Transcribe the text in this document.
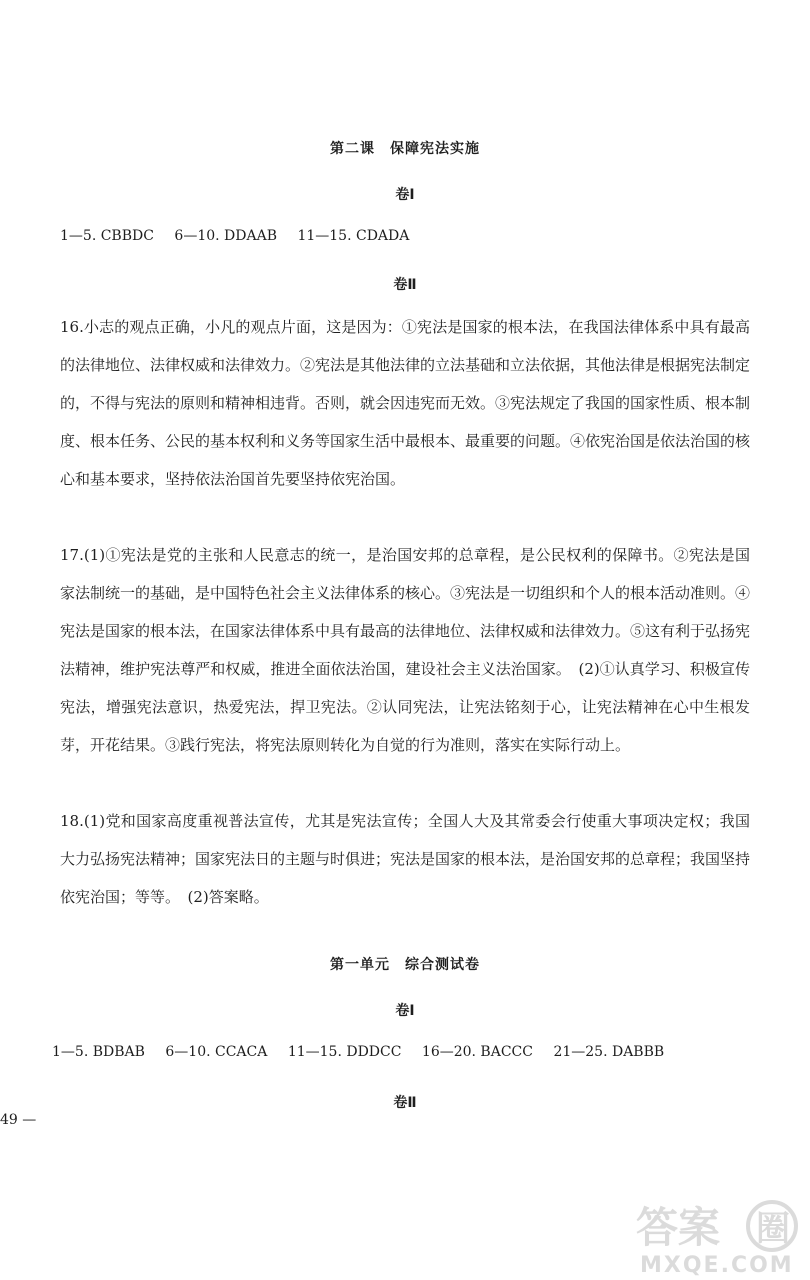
第二课　保障宪法实施
卷Ⅰ
1—5. CBBDC 6—10. DDAAB 11—15. CDADA
卷Ⅱ
16.小志的观点正确，小凡的观点片面，这是因为：①宪法是国家的根本法，在我国法律体系中具有最高的法律地位、法律权威和法律效力。②宪法是其他法律的立法基础和立法依据，其他法律是根据宪法制定的，不得与宪法的原则和精神相违背。否则，就会因违宪而无效。③宪法规定了我国的国家性质、根本制度、根本任务、公民的基本权利和义务等国家生活中最根本、最重要的问题。④依宪治国是依法治国的核心和基本要求，坚持依法治国首先要坚持依宪治国。
17.(1)①宪法是党的主张和人民意志的统一，是治国安邦的总章程，是公民权利的保障书。②宪法是国家法制统一的基础，是中国特色社会主义法律体系的核心。③宪法是一切组织和个人的根本活动准则。④宪法是国家的根本法，在国家法律体系中具有最高的法律地位、法律权威和法律效力。⑤这有利于弘扬宪法精神，维护宪法尊严和权威，推进全面依法治国，建设社会主义法治国家。　(2)①认真学习、积极宣传宪法，增强宪法意识，热爱宪法，捍卫宪法。②认同宪法，让宪法铭刻于心，让宪法精神在心中生根发芽，开花结果。③践行宪法，将宪法原则转化为自觉的行为准则，落实在实际行动上。
18.(1)党和国家高度重视普法宣传，尤其是宪法宣传；全国人大及其常委会行使重大事项决定权；我国大力弘扬宪法精神；国家宪法日的主题与时俱进；宪法是国家的根本法，是治国安邦的总章程；我国坚持依宪治国；等等。　(2)答案略。
第一单元　综合测试卷
卷Ⅰ
1—5. BDBAB 6—10. CCACA 11—15. DDDCC 16—20. BACCC 21—25. DABBB
卷Ⅱ
49 —
答案 圈
MXQE.COM
